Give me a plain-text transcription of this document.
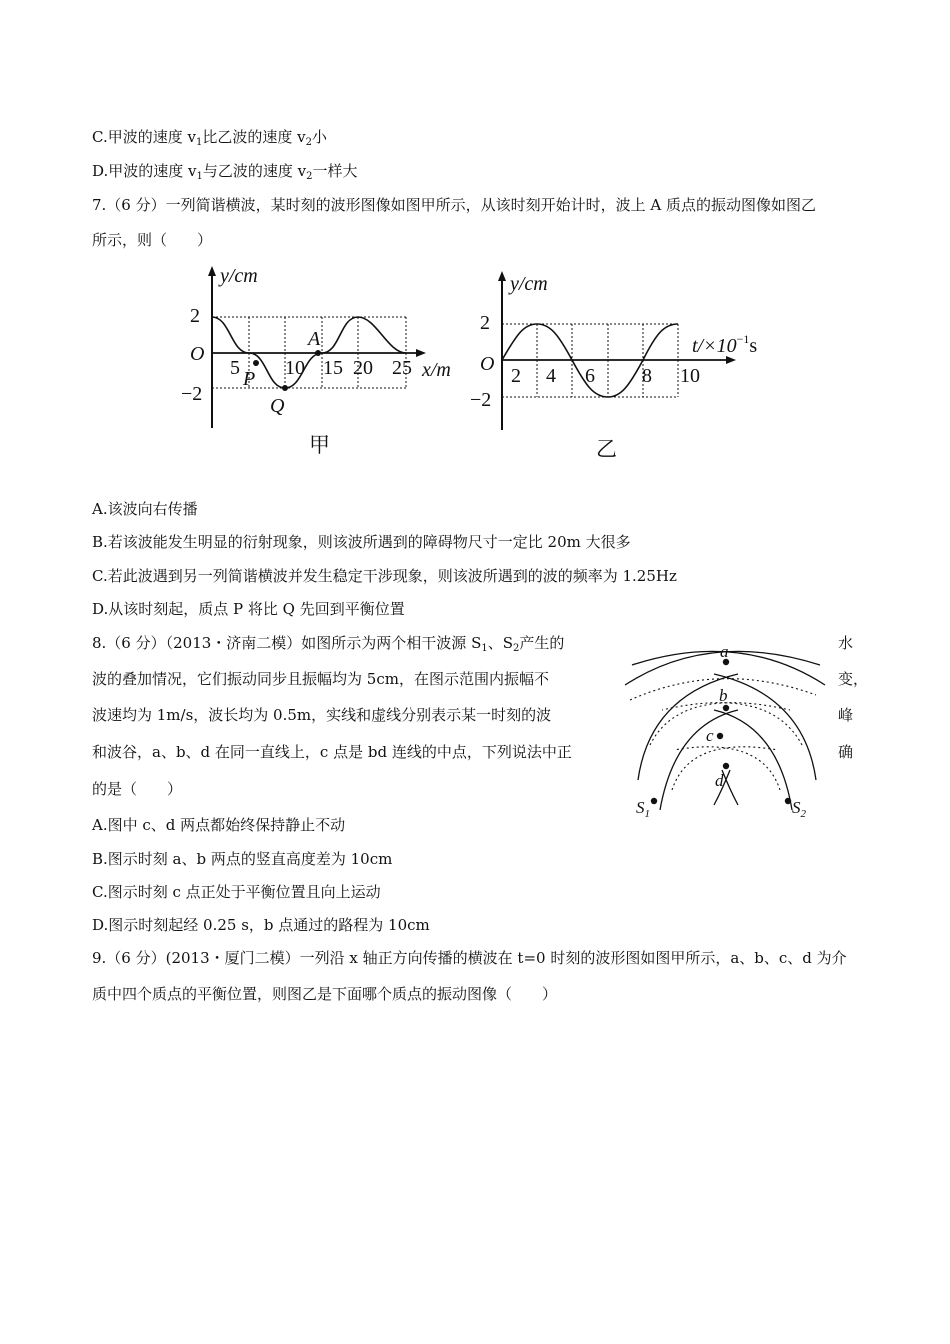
C.甲波的速度 $v_1$比乙波的速度 $v_2$小
D.甲波的速度 $v_1$与乙波的速度 $v_2$一样大
7.（6 分）一列简谐横波，某时刻的波形图像如图甲所示，从该时刻开始计时，波上 A 质点的振动图像如图乙
所示，则（　　）
y/cm
2
O
−2
5 10 15 20 25 x/m
A
P
Q
甲
y/cm
2
O
−2
2 4 6 8 10
$t/\times 10^{-1}s$
乙
A.该波向右传播
B.若该波能发生明显的衍射现象，则该波所遇到的障碍物尺寸一定比 20m 大很多
C.若此波遇到另一列简谐横波并发生稳定干涉现象，则该波所遇到的波的频率为 1.25Hz
D.从该时刻起，质点 P 将比 Q 先回到平衡位置
8.（6 分）（2013・济南二模）如图所示为两个相干波源 $S_1$、$S_2$产生的	水
波的叠加情况，它们振动同步且振幅均为 5cm，在图示范围内振幅不	变，
波速均为 1m/s，波长均为 0.5m，实线和虚线分别表示某一时刻的波	峰
和波谷，a、b、d 在同一直线上，c 点是 bd 连线的中点，下列说法中正	确
的是（　　）
a
b
c
d
$S_1$	$S_2$
A.图中 c、d 两点都始终保持静止不动
B.图示时刻 a、b 两点的竖直高度差为 10cm
C.图示时刻 c 点正处于平衡位置且向上运动
D.图示时刻起经 0.25 s，b 点通过的路程为 10cm
9.（6 分）(2013・厦门二模）一列沿 x 轴正方向传播的横波在 t=0 时刻的波形图如图甲所示，a、b、c、d 为介
质中四个质点的平衡位置，则图乙是下面哪个质点的振动图像（　　）
